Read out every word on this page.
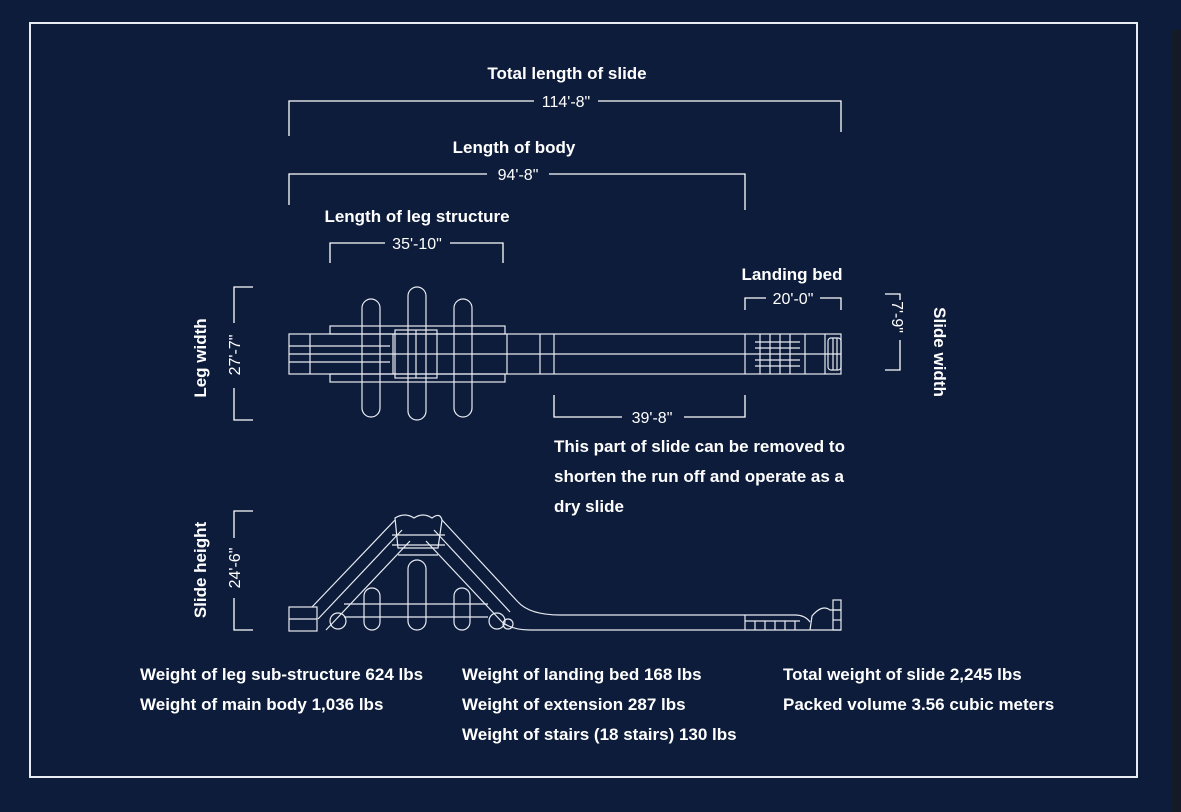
Total length of slide
114'-8"
Length of body
94'-8"
Length of leg structure
35'-10"
Landing bed
20'-0"
Leg width 27'-7"	Slide width
7'-9"
39'-8"
Slide height 24'-6"
This part of slide can be removed to
shorten the run off and operate as a
dry slide
Weight of leg sub-structure 624 lbs
Weight of main body 1,036 lbs
Weight of landing bed 168 lbs
Weight of extension 287 lbs
Weight of stairs (18 stairs) 130 lbs
Total weight of slide 2,245 lbs
Packed volume 3.56 cubic meters
